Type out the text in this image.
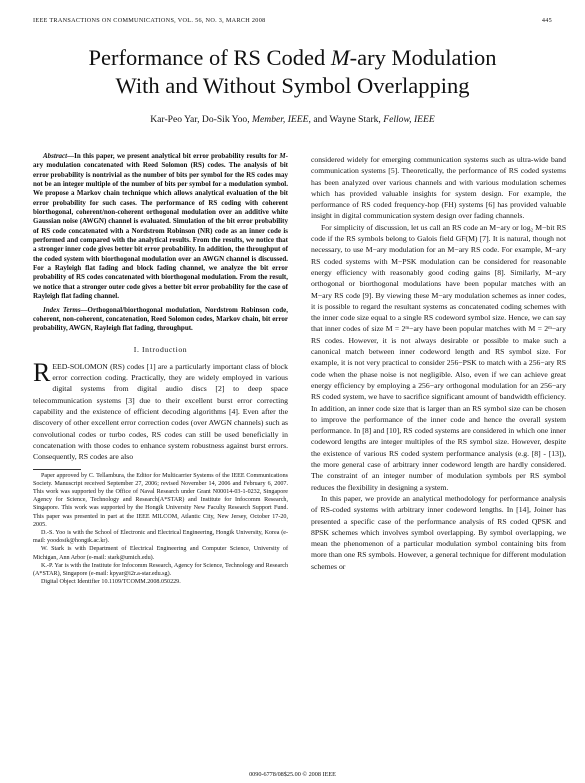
IEEE TRANSACTIONS ON COMMUNICATIONS, VOL. 56, NO. 3, MARCH 2008	445
Performance of RS Coded M-ary Modulation
With and Without Symbol Overlapping
Kar-Peo Yar, Do-Sik Yoo, Member, IEEE, and Wayne Stark, Fellow, IEEE

Abstract—In this paper, we present analytical bit error probability results for M-ary modulation concatenated with Reed Solomon (RS) codes. The analysis of bit error probability is nontrivial as the number of bits per symbol for the RS codes may not be an integer multiple of the number of bits per symbol for a modulation symbol. We propose a Markov chain technique which allows analytical evaluation of the bit error probability for such cases. The performance of RS coding with coherent biorthogonal, coherent/non-coherent orthogonal modulation over an additive white Gaussian noise (AWGN) channel is evaluated. Simulation of the bit error probability of RS code concatenated with a Nordstrom Robinson (NR) code as an inner code is performed and compared with the analytical results. From the results, we notice that a stronger inner code gives better bit error probability. In addition, the throughput of the coded system with biorthogonal modulation over an AWGN channel is discussed. For a Rayleigh flat fading and block fading channel, we analyze the bit error probability of RS codes concatenated with biorthogonal modulation. From the result, we notice that a stronger outer code gives a better bit error probability for the case of Rayleigh flat fading channel.

Index Terms—Orthogonal/biorthogonal modulation, Nordstrom Robinson code, coherent, non-coherent, concatenation, Reed Solomon codes, Markov chain, bit error probability, AWGN, Rayleigh flat fading, throughput.

I. Introduction

REED-SOLOMON (RS) codes [1] are a particularly important class of block error correction coding. Practically, they are widely employed in various digital systems from digital audio discs [2] to deep space telecommunication systems [3] due to their excellent burst error correcting capability and the existence of efficient decoding algorithms [4]. Even after the discovery of other excellent error correction codes (over AWGN channels) such as convolutional codes or turbo codes, RS codes can still be used beneficially in concatenation with those codes to enhance system robustness against burst errors. Consequently, RS codes are also

Paper approved by C. Tellambura, the Editor for Multicarrier Systems of the IEEE Communications Society. Manuscript received September 27, 2006; revised November 14, 2006 and February 6, 2007. This work was supported by the Office of Naval Research under Grant N00014-03-1-0232, Singapore Agency for Science, Technology and Research(A*STAR) and Institute for Infocomm Research, Singapore. This work was supported by the Hongik University New Faculty Research Support Fund. This paper was presented in part at the IEEE MILCOM, Atlantic City, New Jersey, October 17-20, 2005.

D.-S. Yoo is with the School of Electronic and Electrical Engineering, Hongik University, Korea (e-mail: yoodosik@hongik.ac.kr).

W. Stark is with Department of Electrical Engineering and Computer Science, University of Michigan, Ann Arbor (e-mail: stark@umich.edu).

K.-P. Yar is with the Institute for Infocomm Research, Agency for Science, Technology and Research (A*STAR), Singapore (e-mail: kpyar@i2r.a-star.edu.sg).

Digital Object Identifier 10.1109/TCOMM.2008.050229.

considered widely for emerging communication systems such as ultra-wide band communication systems [5]. Theoretically, the performance of RS coded systems has been analyzed over various channels and with various modulation schemes which has provided valuable insights for system design. For example, the performance of RS coded frequency-hop (FH) systems [6] has provided valuable insight in digital communication system design over fading channels.

For simplicity of discussion, let us call an RS code an M−ary or log₂ M−bit RS code if the RS symbols belong to Galois field GF(M) [7]. It is natural, though not necessary, to use M−ary modulation for an M−ary RS code. For example, M−ary RS coded systems with M−PSK modulation can be considered for reasonable energy efficiency with reasonably good coding gains [8]. Similarly, M−ary orthogonal or biorthogonal modulations have been popular matches with an M−ary RS code [9]. By viewing these M−ary modulation schemes as inner codes, it is possible to regard the resultant systems as concatenated coding schemes with the inner code size equal to a single RS codeword symbol size. Hence, we can say that inner codes of size M = 2ᵐ−ary have been popular matches with M = 2ᵐ−ary RS codes. However, it is not always desirable or possible to make such a canonical match between inner codeword length and RS symbol size. For example, it is not very practical to consider 256−PSK to match with a 256−ary RS code when the phase noise is not negligible. Also, even if we can achieve great energy efficiency by employing a 256−ary orthogonal modulation for an 256−ary RS coded system, we have to sacrifice significant amount of bandwidth efficiency. In addition, an inner code size that is larger than an RS symbol size can be chosen to improve the performance of the inner code and hence the overall system performance. In [8] and [10], RS coded systems are considered in which one inner codeword lengths are integer multiples of the RS symbol size. However, despite the existence of various RS coded system performance analysis (e.g. [8] - [13]), the more general case of arbitrary inner codeword length are hardly considered. The constraint of an integer number of modulation symbols per RS symbol reduces the flexibility in designing a system.

In this paper, we provide an analytical methodology for performance analysis of RS-coded systems with arbitrary inner codeword lengths. In [14], Joiner has presented a specific case of the performance analysis of RS coded QPSK and 8PSK schemes which involves symbol overlapping. By symbol overlapping, we mean the phenomenon of a particular modulation symbol containing bits from more than one RS symbols. However, a general technique for different modulation schemes or

0090-6778/08$25.00 © 2008 IEEE
